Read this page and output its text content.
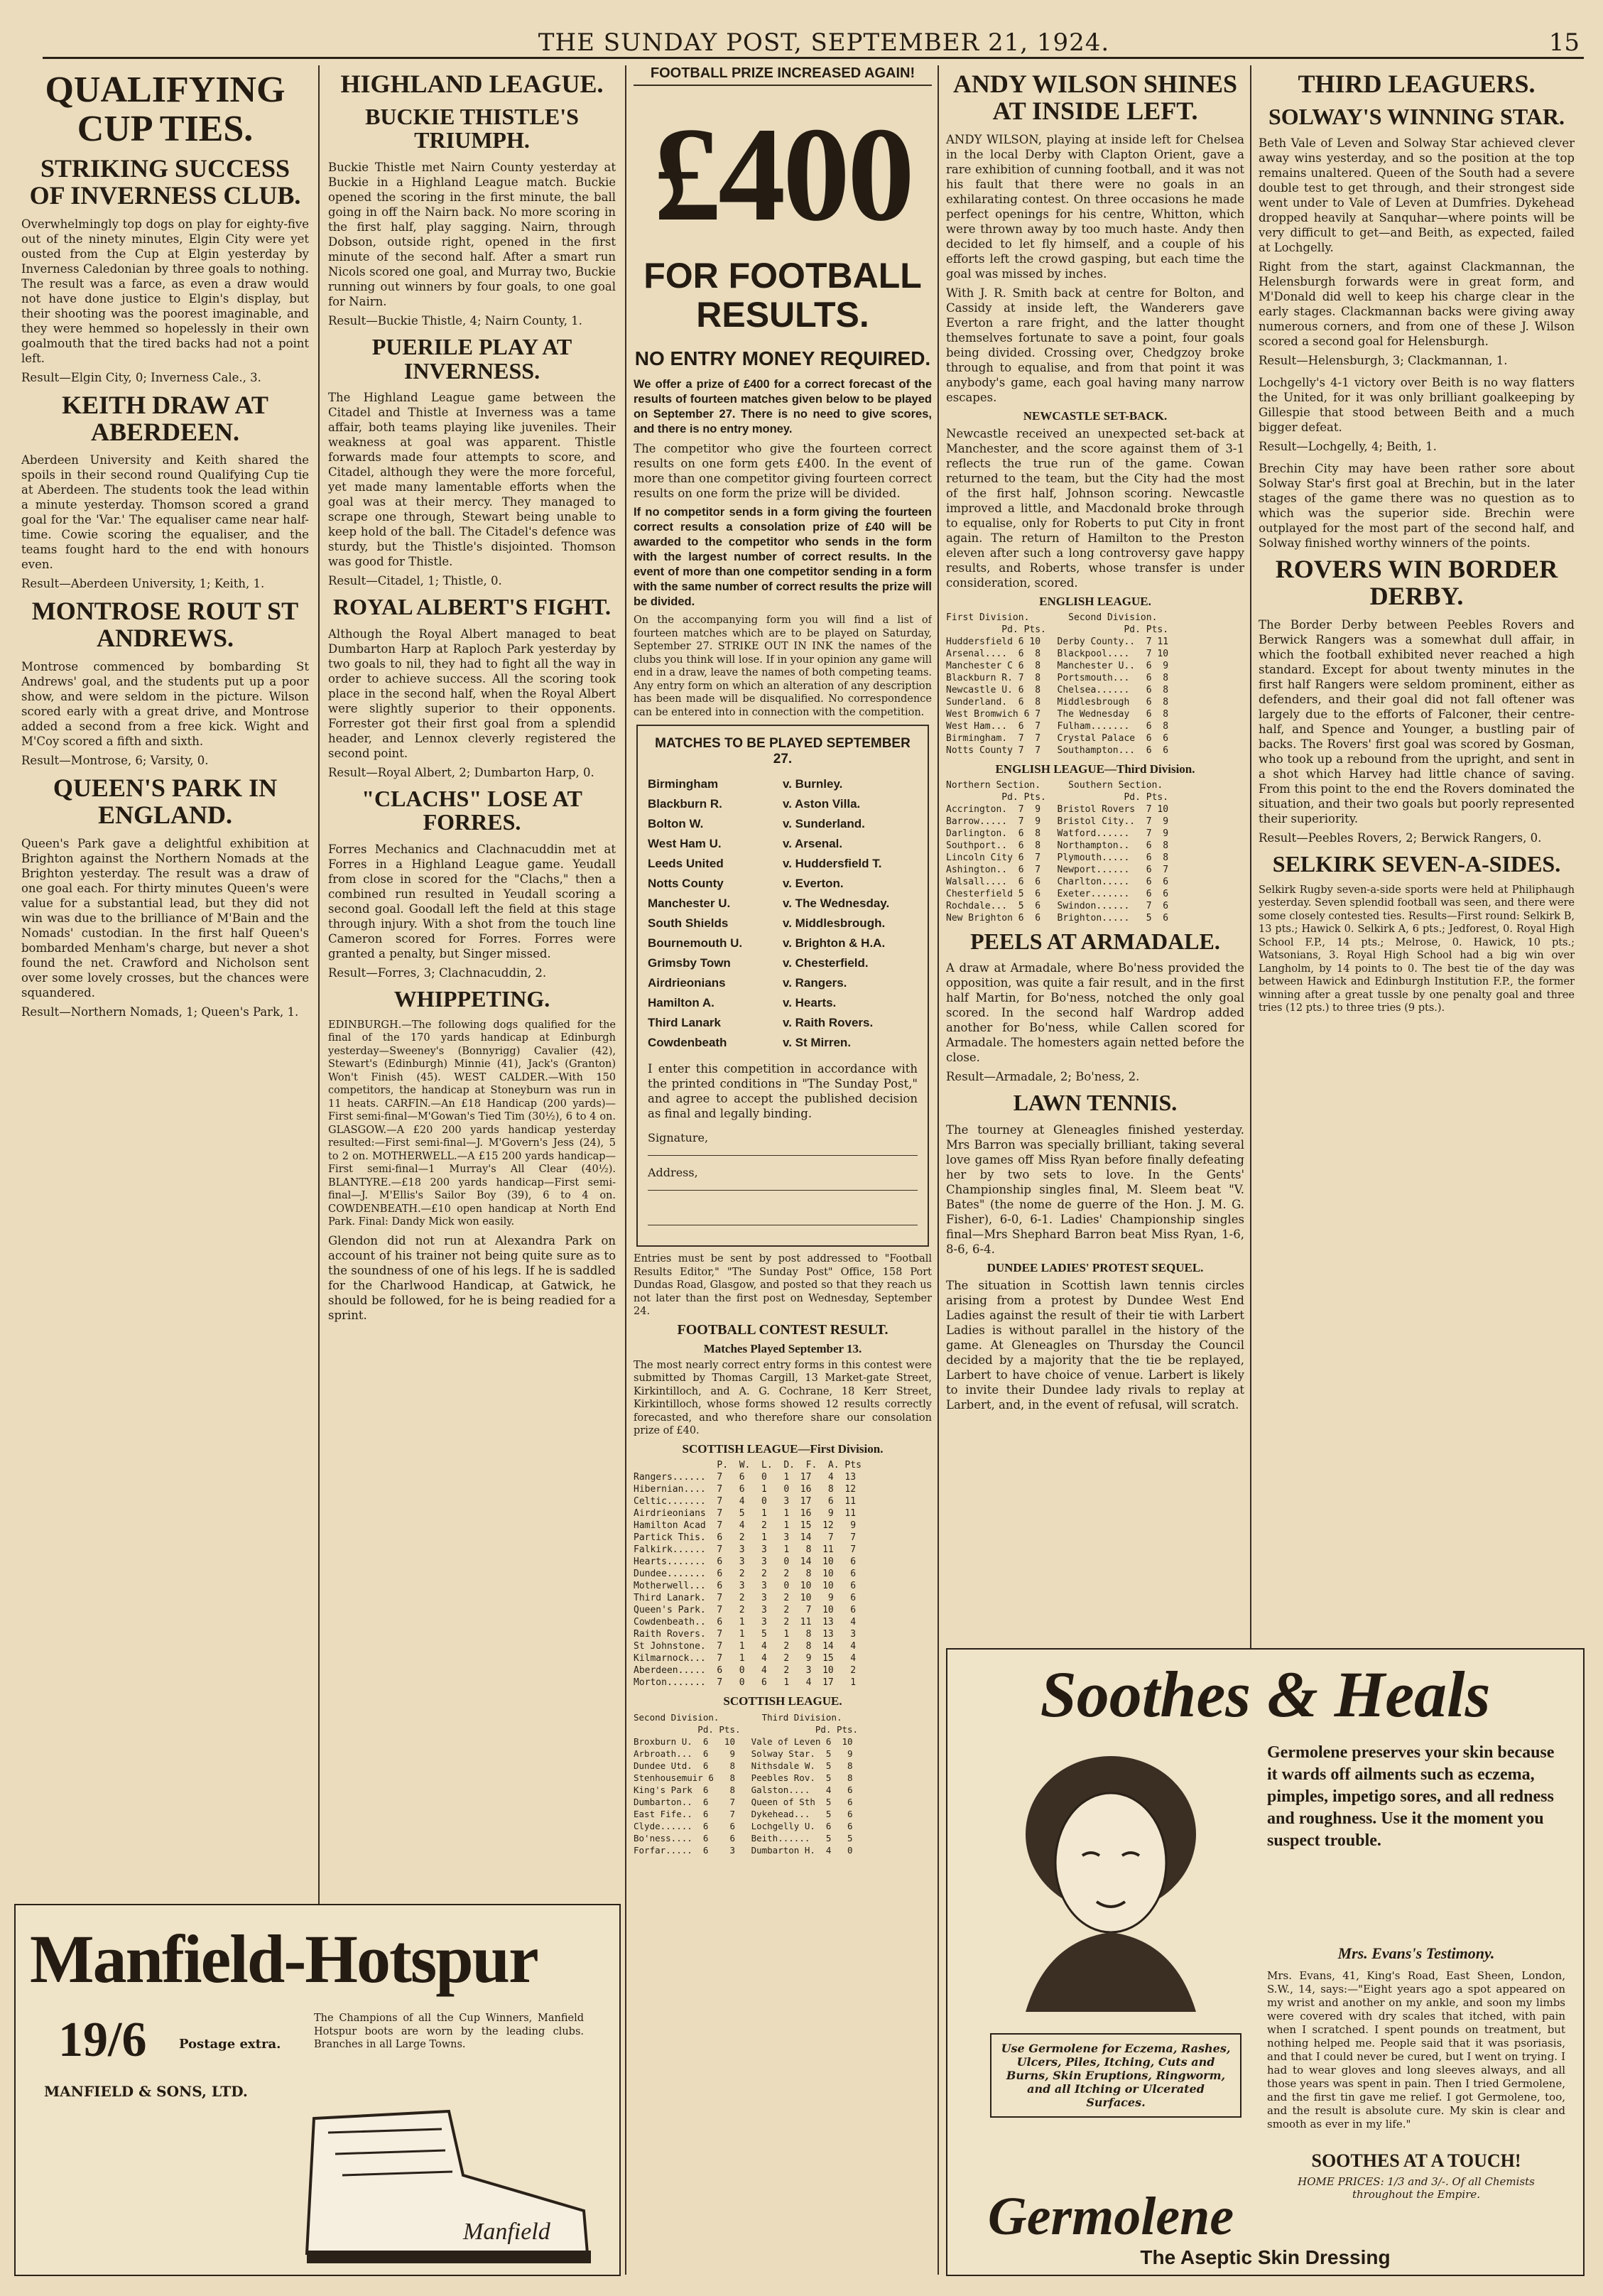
THE SUNDAY POST, SEPTEMBER 21, 1924.	15
QUALIFYING CUP TIES.
STRIKING SUCCESS OF INVERNESS CLUB.

Overwhelmingly top dogs on play for eighty-five out of the ninety minutes, Elgin City were yet ousted from the Cup at Elgin yesterday by Inverness Caledonian by three goals to nothing. The result was a farce, as even a draw would not have done justice to Elgin's display, but their shooting was the poorest imaginable, and they were hemmed so hopelessly in their own goalmouth that the tired backs had not a point left.

Result—Elgin City, 0; Inverness Cale., 3.

KEITH DRAW AT ABERDEEN.

Aberdeen University and Keith shared the spoils in their second round Qualifying Cup tie at Aberdeen. The students took the lead within a minute yesterday. Thomson scored a grand goal for the 'Var.' The equaliser came near half-time. Cowie scoring the equaliser, and the teams fought hard to the end with honours even.

Result—Aberdeen University, 1; Keith, 1.

MONTROSE ROUT ST ANDREWS.

Montrose commenced by bombarding St Andrews' goal, and the students put up a poor show, and were seldom in the picture. Wilson scored early with a great drive, and Montrose added a second from a free kick. Wight and M'Coy scored a fifth and sixth.

Result—Montrose, 6; Varsity, 0.

QUEEN'S PARK IN ENGLAND.

Queen's Park gave a delightful exhibition at Brighton against the Northern Nomads at the Brighton yesterday. The result was a draw of one goal each. For thirty minutes Queen's were value for a substantial lead, but they did not win was due to the brilliance of M'Bain and the Nomads' custodian. In the first half Queen's bombarded Menham's charge, but never a shot found the net. Crawford and Nicholson sent over some lovely crosses, but the chances were squandered.

Result—Northern Nomads, 1; Queen's Park, 1.

Manfield-Hotspur
19/6	Postage extra.
The Champions of all the Cup Winners, Manfield Hotspur boots are worn by the leading clubs. Branches in all Large Towns.
MANFIELD & SONS, LTD.
Manfield
HIGHLAND LEAGUE.
BUCKIE THISTLE'S TRIUMPH.

Buckie Thistle met Nairn County yesterday at Buckie in a Highland League match. Buckie opened the scoring in the first minute, the ball going in off the Nairn back. No more scoring in the first half, play sagging. Nairn, through Dobson, outside right, opened in the first minute of the second half. After a smart run Nicols scored one goal, and Murray two, Buckie running out winners by four goals, to one goal for Nairn.

Result—Buckie Thistle, 4; Nairn County, 1.

PUERILE PLAY AT INVERNESS.

The Highland League game between the Citadel and Thistle at Inverness was a tame affair, both teams playing like juveniles. Their weakness at goal was apparent. Thistle forwards made four attempts to score, and Citadel, although they were the more forceful, yet made many lamentable efforts when the goal was at their mercy. They managed to scrape one through, Stewart being unable to keep hold of the ball. The Citadel's defence was sturdy, but the Thistle's disjointed. Thomson was good for Thistle.

Result—Citadel, 1; Thistle, 0.

ROYAL ALBERT'S FIGHT.

Although the Royal Albert managed to beat Dumbarton Harp at Raploch Park yesterday by two goals to nil, they had to fight all the way in order to achieve success. All the scoring took place in the second half, when the Royal Albert were slightly superior to their opponents. Forrester got their first goal from a splendid header, and Lennox cleverly registered the second point.

Result—Royal Albert, 2; Dumbarton Harp, 0.

"CLACHS" LOSE AT FORRES.

Forres Mechanics and Clachnacuddin met at Forres in a Highland League game. Yeudall from close in scored for the "Clachs," then a combined run resulted in Yeudall scoring a second goal. Goodall left the field at this stage through injury. With a shot from the touch line Cameron scored for Forres. Forres were granted a penalty, but Singer missed.

Result—Forres, 3; Clachnacuddin, 2.

WHIPPETING.

EDINBURGH.—The following dogs qualified for the final of the 170 yards handicap at Edinburgh yesterday—Sweeney's (Bonnyrigg) Cavalier (42), Stewart's (Edinburgh) Minnie (41), Jack's (Granton) Won't Finish (45). WEST CALDER.—With 150 competitors, the handicap at Stoneyburn was run in 11 heats. CARFIN.—An £18 Handicap (200 yards)—First semi-final—M'Gowan's Tied Tim (30½), 6 to 4 on. GLASGOW.—A £20 200 yards handicap yesterday resulted:—First semi-final—J. M'Govern's Jess (24), 5 to 2 on. MOTHERWELL.—A £15 200 yards handicap—First semi-final—1 Murray's All Clear (40½). BLANTYRE.—£18 200 yards handicap—First semi-final—J. M'Ellis's Sailor Boy (39), 6 to 4 on. COWDENBEATH.—£10 open handicap at North End Park. Final: Dandy Mick won easily.

Glendon did not run at Alexandra Park on account of his trainer not being quite sure as to the soundness of one of his legs. If he is saddled for the Charlwood Handicap, at Gatwick, he should be followed, for he is being readied for a sprint.

FOOTBALL PRIZE INCREASED AGAIN!
£400
FOR FOOTBALL RESULTS.
NO ENTRY MONEY REQUIRED.

We offer a prize of £400 for a correct forecast of the results of fourteen matches given below to be played on September 27. There is no need to give scores, and there is no entry money.

The competitor who give the fourteen correct results on one form gets £400. In the event of more than one competitor giving fourteen correct results on one form the prize will be divided.

If no competitor sends in a form giving the fourteen correct results a consolation prize of £40 will be awarded to the competitor who sends in the form with the largest number of correct results. In the event of more than one competitor sending in a form with the same number of correct results the prize will be divided.

On the accompanying form you will find a list of fourteen matches which are to be played on Saturday, September 27. STRIKE OUT IN INK the names of the clubs you think will lose. If in your opinion any game will end in a draw, leave the names of both competing teams. Any entry form on which an alteration of any description has been made will be disqualified. No correspondence can be entered into in connection with the competition.

MATCHES TO BE PLAYED SEPTEMBER 27.
Birmingham	v. Burnley.
Blackburn R.	v. Aston Villa.
Bolton W.	v. Sunderland.
West Ham U.	v. Arsenal.
Leeds United	v. Huddersfield T.
Notts County	v. Everton.
Manchester U.	v. The Wednesday.
South Shields	v. Middlesbrough.
Bournemouth U.	v. Brighton & H.A.
Grimsby Town	v. Chesterfield.
Airdrieonians	v. Rangers.
Hamilton A.	v. Hearts.
Third Lanark	v. Raith Rovers.
Cowdenbeath	v. St Mirren.

I enter this competition in accordance with the printed conditions in "The Sunday Post," and agree to accept the published decision as final and legally binding.

Signature,
Address,

Entries must be sent by post addressed to "Football Results Editor," "The Sunday Post" Office, 158 Port Dundas Road, Glasgow, and posted so that they reach us not later than the first post on Wednesday, September 24.

FOOTBALL CONTEST RESULT.
Matches Played September 13.

The most nearly correct entry forms in this contest were submitted by Thomas Cargill, 13 Market-gate Street, Kirkintilloch, and A. G. Cochrane, 18 Kerr Street, Kirkintilloch, whose forms showed 12 results correctly forecasted, and who therefore share our consolation prize of £40.

SCOTTISH LEAGUE—First Division.
P.  W.  L.  D.  F.  A. Pts
Rangers......  7   6   0   1  17   4  13
Hibernian....  7   6   1   0  16   8  12
Celtic.......  7   4   0   3  17   6  11
Airdrieonians  7   5   1   1  16   9  11
Hamilton Acad  7   4   2   1  15  12   9
Partick This.  6   2   1   3  14   7   7
Falkirk......  7   3   3   1   8  11   7
Hearts.......  6   3   3   0  14  10   6
Dundee.......  6   2   2   2   8  10   6
Motherwell...  6   3   3   0  10  10   6
Third Lanark.  7   2   3   2  10   9   6
Queen's Park.  7   2   3   2   7  10   6
Cowdenbeath..  6   1   3   2  11  13   4
Raith Rovers.  7   1   5   1   8  13   3
St Johnstone.  7   1   4   2   8  14   4
Kilmarnock...  7   1   4   2   9  15   4
Aberdeen.....  6   0   4   2   3  10   2
Morton.......  7   0   6   1   4  17   1
SCOTTISH LEAGUE.
Second Division.        Third Division.
Pd. Pts.              Pd. Pts.
Broxburn U.  6   10   Vale of Leven 6  10
Arbroath...  6    9   Solway Star.  5   9
Dundee Utd.  6    8   Nithsdale W.  5   8
Stenhousemuir 6   8   Peebles Rov.  5   8
King's Park  6    8   Galston....   4   6
Dumbarton..  6    7   Queen of Sth  5   6
East Fife..  6    7   Dykehead...   5   6
Clyde......  6    6   Lochgelly U.  6   6
Bo'ness....  6    6   Beith......   5   5
Forfar.....  6    3   Dumbarton H.  4   0
ANDY WILSON SHINES AT INSIDE LEFT.

ANDY WILSON, playing at inside left for Chelsea in the local Derby with Clapton Orient, gave a rare exhibition of cunning football, and it was not his fault that there were no goals in an exhilarating contest. On three occasions he made perfect openings for his centre, Whitton, which were thrown away by too much haste. Andy then decided to let fly himself, and a couple of his efforts left the crowd gasping, but each time the goal was missed by inches.

With J. R. Smith back at centre for Bolton, and Cassidy at inside left, the Wanderers gave Everton a rare fright, and the latter thought themselves fortunate to save a point, four goals being divided. Crossing over, Chedgzoy broke through to equalise, and from that point it was anybody's game, each goal having many narrow escapes.

NEWCASTLE SET-BACK.

Newcastle received an unexpected set-back at Manchester, and the score against them of 3-1 reflects the true run of the game. Cowan returned to the team, but the City had the most of the first half, Johnson scoring. Newcastle improved a little, and Macdonald broke through to equalise, only for Roberts to put City in front again. The return of Hamilton to the Preston eleven after such a long controversy gave happy results, and Roberts, whose transfer is under consideration, scored.

ENGLISH LEAGUE.
First Division.       Second Division.
Pd. Pts.              Pd. Pts.
Huddersfield 6 10   Derby County..  7 11
Arsenal....  6  8   Blackpool....   7 10
Manchester C 6  8   Manchester U..  6  9
Blackburn R. 7  8   Portsmouth...   6  8
Newcastle U. 6  8   Chelsea......   6  8
Sunderland.  6  8   Middlesbrough   6  8
West Bromwich 6 7   The Wednesday   6  8
West Ham...  6  7   Fulham.......   6  8
Birmingham.  7  7   Crystal Palace  6  6
Notts County 7  7   Southampton...  6  6
ENGLISH LEAGUE—Third Division.
Northern Section.     Southern Section.
Pd. Pts.              Pd. Pts.
Accrington.  7  9   Bristol Rovers  7 10
Barrow.....  7  9   Bristol City..  7  9
Darlington.  6  8   Watford......   7  9
Southport..  6  8   Northampton..   6  8
Lincoln City 6  7   Plymouth.....   6  8
Ashington..  6  7   Newport......   6  7
Walsall....  6  6   Charlton.....   6  6
Chesterfield 5  6   Exeter.......   6  6
Rochdale...  5  6   Swindon......   7  6
New Brighton 6  6   Brighton.....   5  6
PEELS AT ARMADALE.

A draw at Armadale, where Bo'ness provided the opposition, was quite a fair result, and in the first half Martin, for Bo'ness, notched the only goal scored. In the second half Wardrop added another for Bo'ness, while Callen scored for Armadale. The homesters again netted before the close.

Result—Armadale, 2; Bo'ness, 2.

LAWN TENNIS.

The tourney at Gleneagles finished yesterday. Mrs Barron was specially brilliant, taking several love games off Miss Ryan before finally defeating her by two sets to love. In the Gents' Championship singles final, M. Sleem beat "V. Bates" (the nome de guerre of the Hon. J. M. G. Fisher), 6-0, 6-1. Ladies' Championship singles final—Mrs Shephard Barron beat Miss Ryan, 1-6, 8-6, 6-4.

DUNDEE LADIES' PROTEST SEQUEL.

The situation in Scottish lawn tennis circles arising from a protest by Dundee West End Ladies against the result of their tie with Larbert Ladies is without parallel in the history of the game. At Gleneagles on Thursday the Council decided by a majority that the tie be replayed, Larbert to have choice of venue. Larbert is likely to invite their Dundee lady rivals to replay at Larbert, and, in the event of refusal, will scratch.

THIRD LEAGUERS.
SOLWAY'S WINNING STAR.

Beth Vale of Leven and Solway Star achieved clever away wins yesterday, and so the position at the top remains unaltered. Queen of the South had a severe double test to get through, and their strongest side went under to Vale of Leven at Dumfries. Dykehead dropped heavily at Sanquhar—where points will be very difficult to get—and Beith, as expected, failed at Lochgelly.

Right from the start, against Clackmannan, the Helensburgh forwards were in great form, and M'Donald did well to keep his charge clear in the early stages. Clackmannan backs were giving away numerous corners, and from one of these J. Wilson scored a second goal for Helensburgh.

Result—Helensburgh, 3; Clackmannan, 1.

Lochgelly's 4-1 victory over Beith is no way flatters the United, for it was only brilliant goalkeeping by Gillespie that stood between Beith and a much bigger defeat.

Result—Lochgelly, 4; Beith, 1.

Brechin City may have been rather sore about Solway Star's first goal at Brechin, but in the later stages of the game there was no question as to which was the superior side. Brechin were outplayed for the most part of the second half, and Solway finished worthy winners of the points.

ROVERS WIN BORDER DERBY.

The Border Derby between Peebles Rovers and Berwick Rangers was a somewhat dull affair, in which the football exhibited never reached a high standard. Except for about twenty minutes in the first half Rangers were seldom prominent, either as defenders, and their goal did not fall oftener was largely due to the efforts of Falconer, their centre-half, and Spence and Younger, a bustling pair of backs. The Rovers' first goal was scored by Gosman, who took up a rebound from the upright, and sent in a shot which Harvey had little chance of saving. From this point to the end the Rovers dominated the situation, and their two goals but poorly represented their superiority.

Result—Peebles Rovers, 2; Berwick Rangers, 0.

SELKIRK SEVEN-A-SIDES.

Selkirk Rugby seven-a-side sports were held at Philiphaugh yesterday. Seven splendid football was seen, and there were some closely contested ties. Results—First round: Selkirk B, 13 pts.; Hawick 0. Selkirk A, 6 pts.; Jedforest, 0. Royal High School F.P., 14 pts.; Melrose, 0. Hawick, 10 pts.; Watsonians, 3. Royal High School had a big win over Langholm, by 14 points to 0. The best tie of the day was between Hawick and Edinburgh Institution F.P., the former winning after a great tussle by one penalty goal and three tries (12 pts.) to three tries (9 pts.).

Soothes & Heals
Germolene preserves your skin because it wards off ailments such as eczema, pimples, impetigo sores, and all redness and roughness. Use it the moment you suspect trouble.
Mrs. Evans's Testimony.
Mrs. Evans, 41, King's Road, East Sheen, London, S.W., 14, says:—"Eight years ago a spot appeared on my wrist and another on my ankle, and soon my limbs were covered with dry scales that itched, with pain when I scratched. I spent pounds on treatment, but nothing helped me. People said that it was psoriasis, and that I could never be cured, but I went on trying. I had to wear gloves and long sleeves always, and all those years was spent in pain. Then I tried Germolene, and the first tin gave me relief. I got Germolene, too, and the result is absolute cure. My skin is clear and smooth as ever in my life."
Use Germolene for Eczema, Rashes, Ulcers, Piles, Itching, Cuts and Burns, Skin Eruptions, Ringworm, and all Itching or Ulcerated Surfaces.
SOOTHES AT A TOUCH!
HOME PRICES: 1/3 and 3/-. Of all Chemists throughout the Empire.
Germolene
The Aseptic Skin Dressing
